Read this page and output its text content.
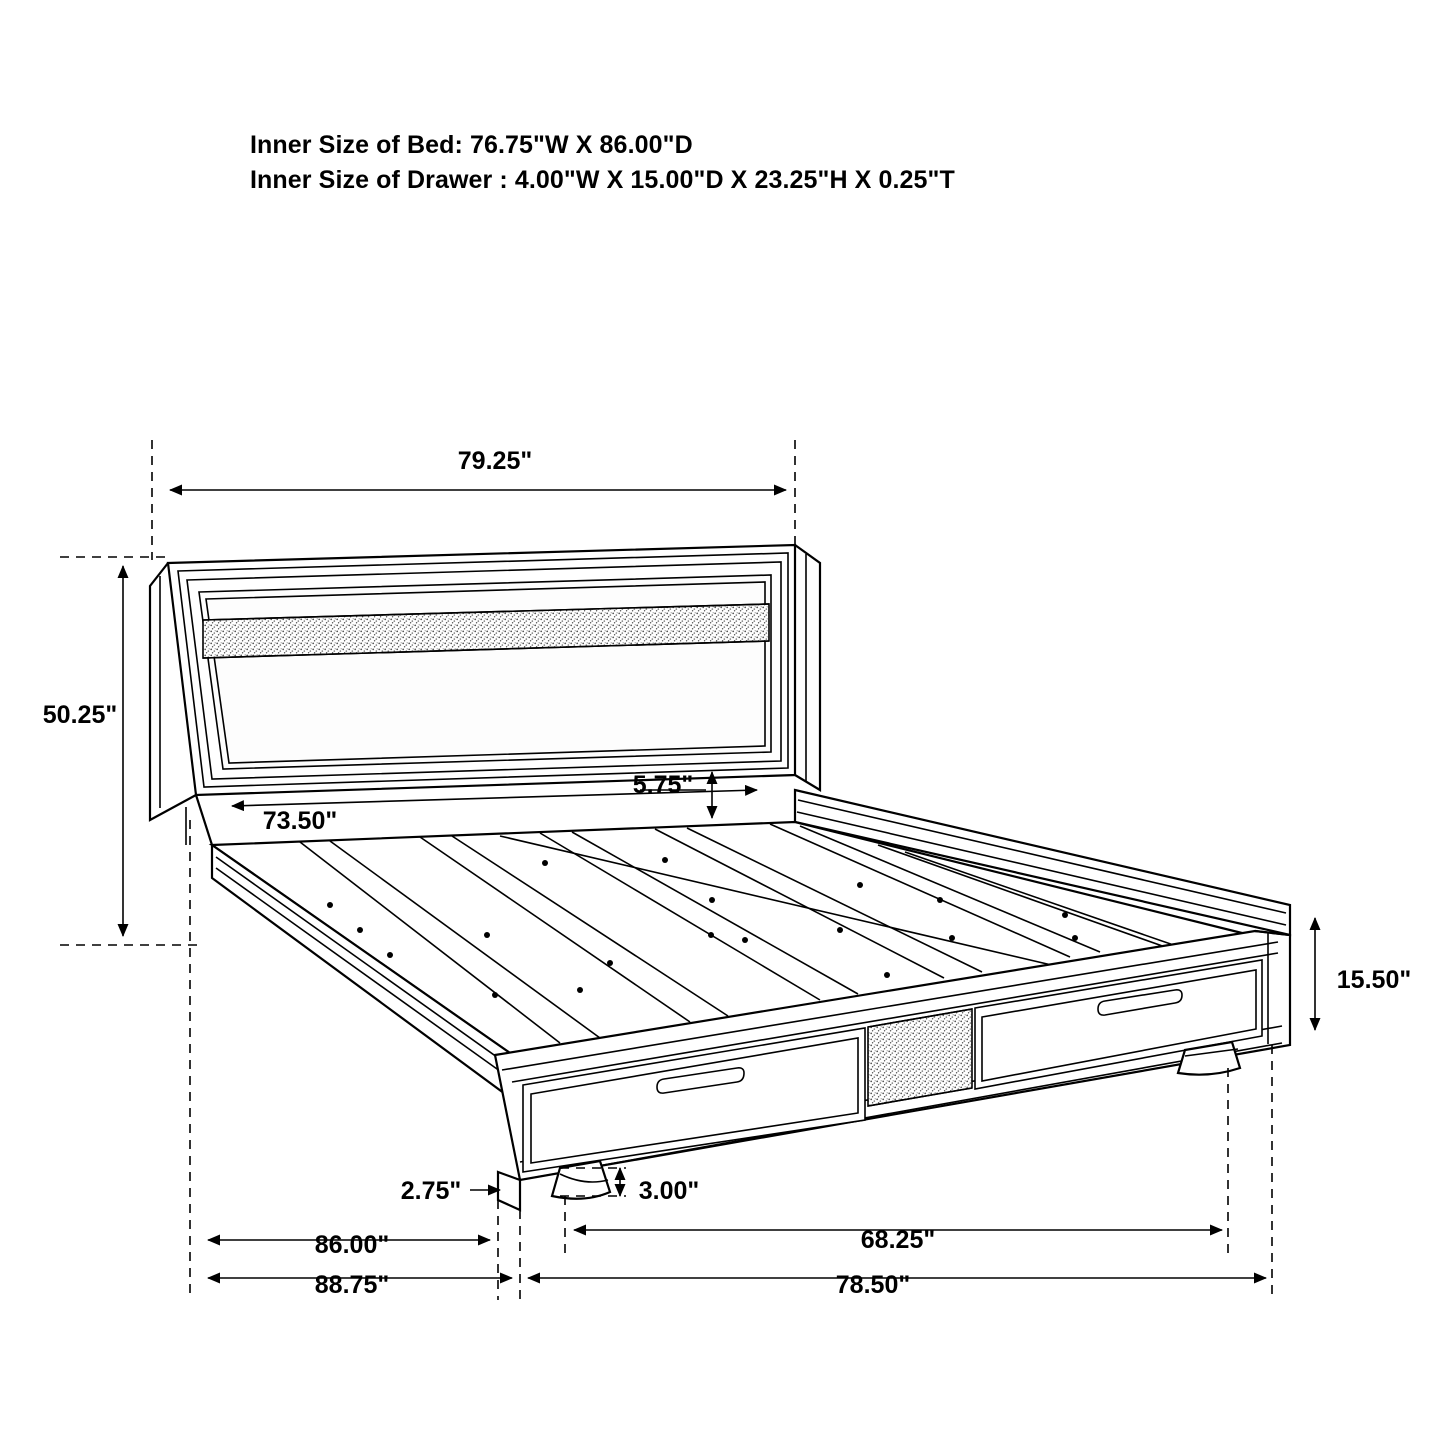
Inner Size of Bed: 76.75"W X 86.00"D
Inner Size of Drawer : 4.00"W X 15.00"D X 23.25"H X 0.25"T
79.25"
50.25"
73.50"
5.75"
15.50"
2.75"	3.00"
86.00"	68.25"
88.75"	78.50"
